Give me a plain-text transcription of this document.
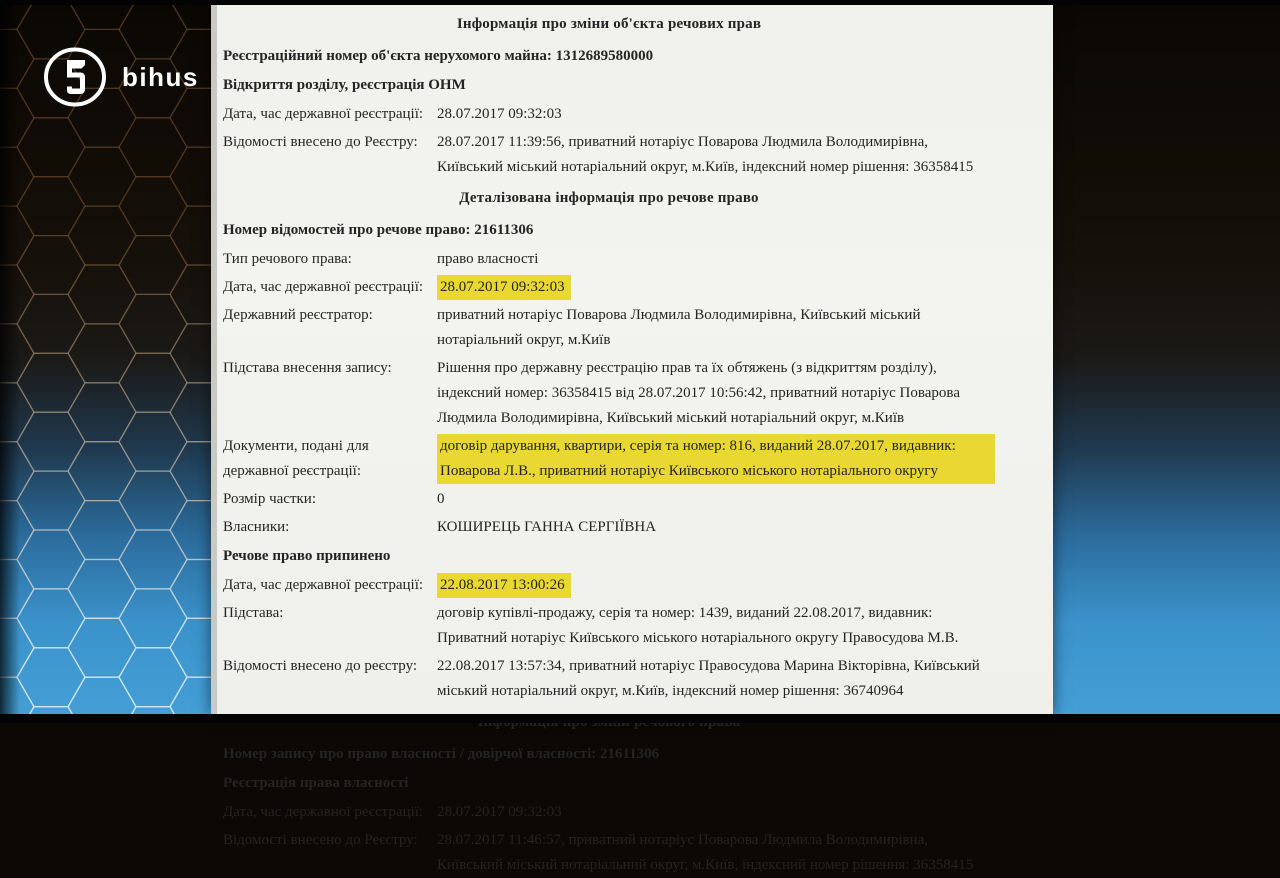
bihus
Інформація про зміни об'єкта речових прав
Реєстраційний номер об'єкта нерухомого майна: 1312689580000
Відкриття розділу, реєстрація ОНМ
Дата, час державної реєстрації: 28.07.2017 09:32:03
Відомості внесено до Реєстру:	28.07.2017 11:39:56, приватний нотаріус Поварова Людмила Володимирівна, Київський міський нотаріальний округ, м.Київ, індексний номер рішення: 36358415
Деталізована інформація про речове право
Номер відомостей про речове право: 21611306
Тип речового права:	право власності
Дата, час державної реєстрації:	28.07.2017 09:32:03
Державний реєстратор:	приватний нотаріус Поварова Людмила Володимирівна, Київський міський нотаріальний округ, м.Київ
Підстава внесення запису:	Рішення про державну реєстрацію прав та їх обтяжень (з відкриттям розділу), індексний номер: 36358415 від 28.07.2017 10:56:42, приватний нотаріус Поварова Людмила Володимирівна, Київський міський нотаріальний округ, м.Київ
Документи, подані для державної реєстрації:
договір дарування, квартири, серія та номер: 816, виданий 28.07.2017, видавник: Поварова Л.В., приватний нотаріус Київського міського нотаріального округу
Розмір частки:	0
Власники:	КОШИРЕЦЬ ГАННА СЕРГІЇВНА
Речове право припинено
Дата, час державної реєстрації:	22.08.2017 13:00:26
Підстава:	договір купівлі-продажу, серія та номер: 1439, виданий 22.08.2017, видавник: Приватний нотаріус Київського міського нотаріального округу Правосудова М.В.
Відомості внесено до реєстру:	22.08.2017 13:57:34, приватний нотаріус Правосудова Марина Вікторівна, Київський міський нотаріальний округ, м.Київ, індексний номер рішення: 36740964
Номер запису про право власності / довірчої власності: 21611306
Реєстрація права власності
Дата, час державної реєстрації: 28.07.2017 09:32:03
Відомості внесено до Реєстру:	28.07.2017 11:46:57, приватний нотаріус Поварова Людмила Володимирівна, Київський міський нотаріальний округ, м.Київ, індексний номер рішення: 36358415
